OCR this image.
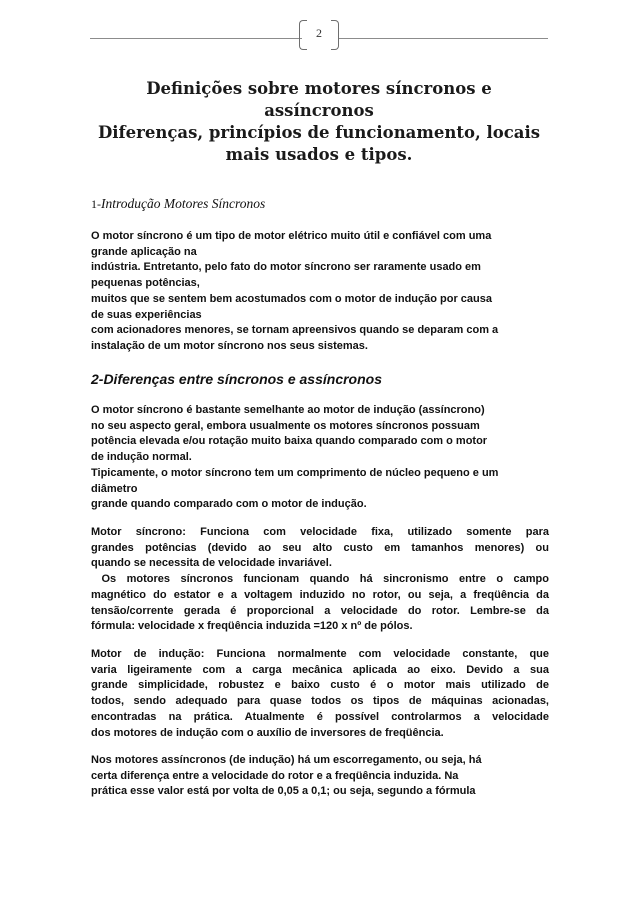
2
Definições sobre motores síncronos e
assíncronos
Diferenças, princípios de funcionamento, locais
mais usados e tipos.
1-Introdução Motores Síncronos
O motor síncrono é um tipo de motor elétrico muito útil e confiável com uma
grande aplicação na
indústria. Entretanto, pelo fato do motor síncrono ser raramente usado em
pequenas potências,
muitos que se sentem bem acostumados com o motor de indução por causa
de suas experiências
com acionadores menores, se tornam apreensivos quando se deparam com a
instalação de um motor síncrono nos seus sistemas.
2-Diferenças entre síncronos e assíncronos
O motor síncrono é bastante semelhante ao motor de indução (assíncrono)
no seu aspecto geral, embora usualmente os motores síncronos possuam
potência elevada e/ou rotação muito baixa quando comparado com o motor
de indução normal.
Tipicamente, o motor síncrono tem um comprimento de núcleo pequeno e um
diâmetro
grande quando comparado com o motor de indução.
Motor síncrono: Funciona com velocidade fixa, utilizado somente para
grandes potências (devido ao seu alto custo em tamanhos menores) ou
quando se necessita de velocidade invariável.
Os motores síncronos funcionam quando há sincronismo entre o campo
magnético do estator e a voltagem induzido no rotor, ou seja, a freqüência da
tensão/corrente gerada é proporcional a velocidade do rotor. Lembre-se da
fórmula: velocidade x freqüência induzida =120 x nº de pólos.
Motor de indução: Funciona normalmente com velocidade constante, que
varia ligeiramente com a carga mecânica aplicada ao eixo. Devido a sua
grande simplicidade, robustez e baixo custo é o motor mais utilizado de
todos, sendo adequado para quase todos os tipos de máquinas acionadas,
encontradas na prática. Atualmente é possível controlarmos a velocidade
dos motores de indução com o auxílio de inversores de freqüência.
Nos motores assíncronos (de indução) há um escorregamento, ou seja, há
certa diferença entre a velocidade do rotor e a freqüência induzida. Na
prática esse valor está por volta de 0,05 a 0,1; ou seja, segundo a fórmula
